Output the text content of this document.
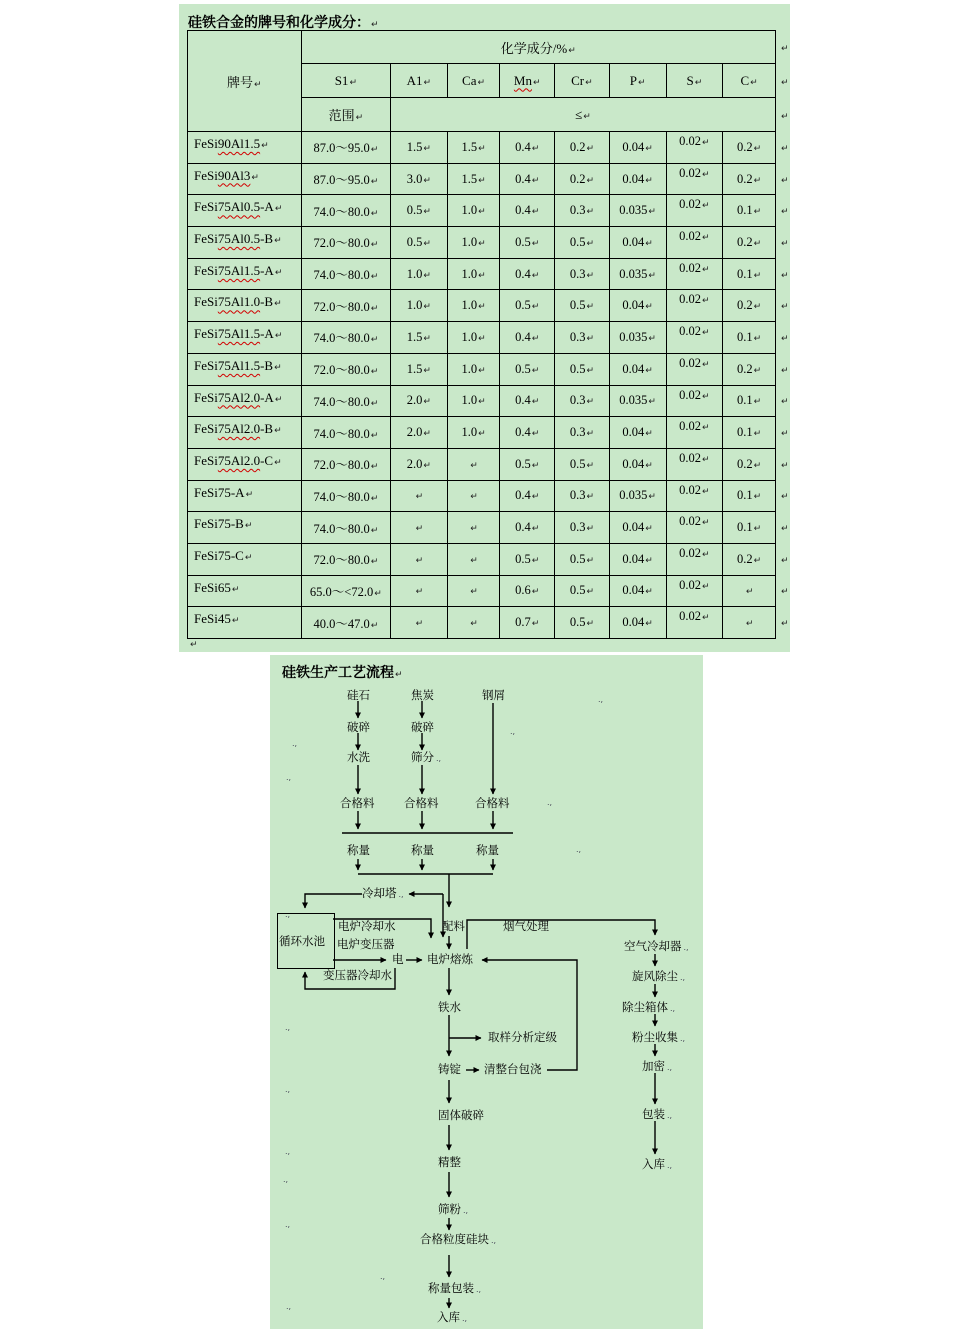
硅铁合金的牌号和化学成分：↵
牌号↵	化学成分/%↵								↵
	S1↵	A1↵	Ca↵	Mn↵	Cr↵	P↵	S↵	C↵	↵
	范围↵	≤↵							↵
FeSi90Al1.5↵	87.0～95.0↵	1.5↵	1.5↵	0.4↵	0.2↵	0.04↵	0.02↵	0.2↵	↵
FeSi90Al3↵	87.0～95.0↵	3.0↵	1.5↵	0.4↵	0.2↵	0.04↵	0.02↵	0.2↵	↵
FeSi75Al0.5-A↵	74.0～80.0↵	0.5↵	1.0↵	0.4↵	0.3↵	0.035↵	0.02↵	0.1↵	↵
FeSi75Al0.5-B↵	72.0～80.0↵	0.5↵	1.0↵	0.5↵	0.5↵	0.04↵	0.02↵	0.2↵	↵
FeSi75Al1.5-A↵	74.0～80.0↵	1.0↵	1.0↵	0.4↵	0.3↵	0.035↵	0.02↵	0.1↵	↵
FeSi75Al1.0-B↵	72.0～80.0↵	1.0↵	1.0↵	0.5↵	0.5↵	0.04↵	0.02↵	0.2↵	↵
FeSi75Al1.5-A↵	74.0～80.0↵	1.5↵	1.0↵	0.4↵	0.3↵	0.035↵	0.02↵	0.1↵	↵
FeSi75Al1.5-B↵	72.0～80.0↵	1.5↵	1.0↵	0.5↵	0.5↵	0.04↵	0.02↵	0.2↵	↵
FeSi75Al2.0-A↵	74.0～80.0↵	2.0↵	1.0↵	0.4↵	0.3↵	0.035↵	0.02↵	0.1↵	↵
FeSi75Al2.0-B↵	74.0～80.0↵	2.0↵	1.0↵	0.4↵	0.3↵	0.04↵	0.02↵	0.1↵	↵
FeSi75Al2.0-C↵	72.0～80.0↵	2.0↵	↵	0.5↵	0.5↵	0.04↵	0.02↵	0.2↵	↵
FeSi75-A↵	74.0～80.0↵	↵	↵	0.4↵	0.3↵	0.035↵	0.02↵	0.1↵	↵
FeSi75-B↵	74.0～80.0↵	↵	↵	0.4↵	0.3↵	0.04↵	0.02↵	0.1↵	↵
FeSi75-C↵	72.0～80.0↵	↵	↵	0.5↵	0.5↵	0.04↵	0.02↵	0.2↵	↵
FeSi65↵	65.0～<72.0↵	↵	↵	0.6↵	0.5↵	0.04↵	0.02↵	↵	↵
FeSi45↵	40.0～47.0↵	↵	↵	0.7↵	0.5↵	0.04↵	0.02↵	↵	↵
↵
硅铁生产工艺流程↵
硅石	焦炭	钢屑
破碎	破碎
水洗	筛分 .,
合格料	合格料	合格料
称量	称量	称量
冷却塔 .,
循环水池
电炉冷却水
电炉变压器
电 电炉熔炼
配料	烟气处理
变压器冷却水
空气冷却器 .,
旋风除尘 .,
除尘箱体 .,
粉尘收集 .,
加密 .,
包装 .,
入库 .,
铁水
取样分析定级
铸锭 清整台包浇
固体破碎
精整
筛粉 .,
合格粒度硅块 .,
称量包装 .,
入库 .,
.,
.,
.,
.,
.,
.,
.,
.,
.,
.,
.,
.,
.,
.,
